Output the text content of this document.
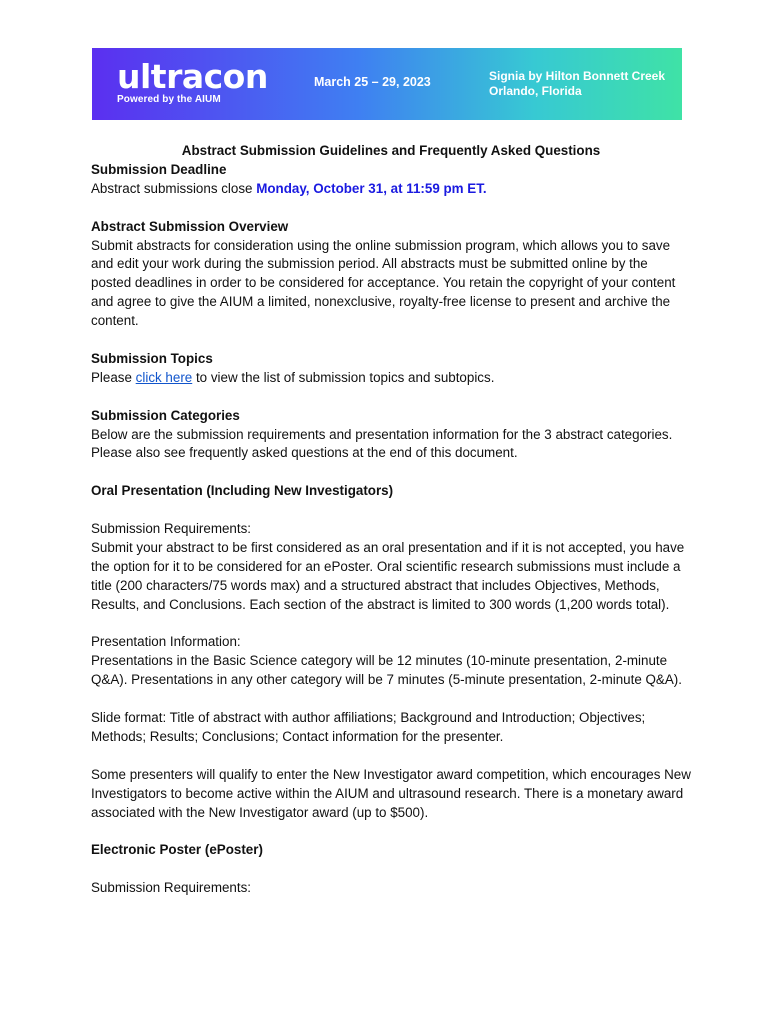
ultracon
Powered by the AIUM
March 25 – 29, 2023	Signia by Hilton Bonnett Creek
Orlando, Florida

Abstract Submission Guidelines and Frequently Asked Questions

Submission Deadline

Abstract submissions close Monday, October 31, at 11:59 pm ET.

Abstract Submission Overview

Submit abstracts for consideration using the online submission program, which allows you to save and edit your work during the submission period. All abstracts must be submitted online by the posted deadlines in order to be considered for acceptance. You retain the copyright of your content and agree to give the AIUM a limited, nonexclusive, royalty-free license to present and archive the content.

Submission Topics

Please click here to view the list of submission topics and subtopics.

Submission Categories

Below are the submission requirements and presentation information for the 3 abstract categories. Please also see frequently asked questions at the end of this document.

Oral Presentation (Including New Investigators)

Submission Requirements:

Submit your abstract to be first considered as an oral presentation and if it is not accepted, you have the option for it to be considered for an ePoster. Oral scientific research submissions must include a title (200 characters/75 words max) and a structured abstract that includes Objectives, Methods, Results, and Conclusions. Each section of the abstract is limited to 300 words (1,200 words total).

Presentation Information:

Presentations in the Basic Science category will be 12 minutes (10-minute presentation, 2-minute Q&A). Presentations in any other category will be 7 minutes (5-minute presentation, 2-minute Q&A).

Slide format: Title of abstract with author affiliations; Background and Introduction; Objectives; Methods; Results; Conclusions; Contact information for the presenter.

Some presenters will qualify to enter the New Investigator award competition, which encourages New Investigators to become active within the AIUM and ultrasound research. There is a monetary award associated with the New Investigator award (up to $500).

Electronic Poster (ePoster)

Submission Requirements:
